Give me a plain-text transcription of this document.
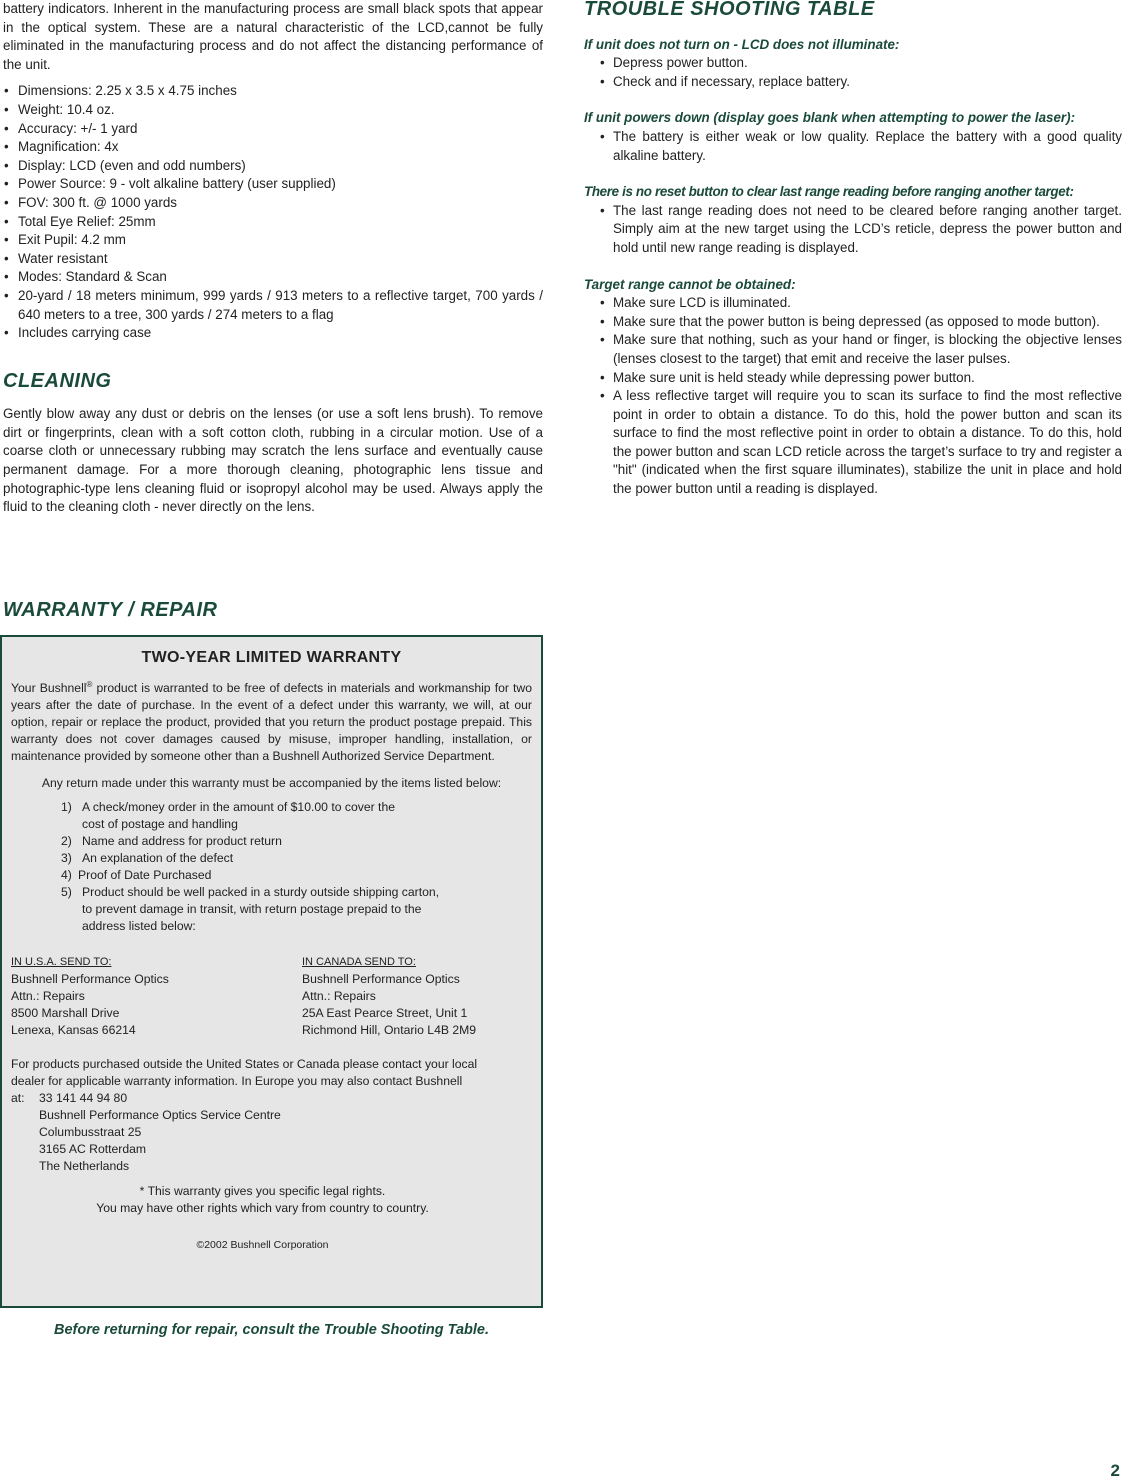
battery indicators. Inherent in the manufacturing process are small black spots that appear in the optical system. These are a natural characteristic of the LCD,cannot be fully eliminated in the manufacturing process and do not affect the distancing performance of the unit.

• Dimensions: 2.25 x 3.5 x 4.75 inches
• Weight: 10.4 oz.
• Accuracy: +/- 1 yard
• Magnification: 4x
• Display: LCD (even and odd numbers)
• Power Source: 9 - volt alkaline battery (user supplied)
• FOV: 300 ft. @ 1000 yards
• Total Eye Relief: 25mm
• Exit Pupil: 4.2 mm
• Water resistant
• Modes: Standard & Scan
• 20-yard / 18 meters minimum, 999 yards / 913 meters to a reflective target, 700 yards / 640 meters to a tree, 300 yards / 274 meters to a flag
• Includes carrying case
CLEANING

Gently blow away any dust or debris on the lenses (or use a soft lens brush). To remove dirt or fingerprints, clean with a soft cotton cloth, rubbing in a circular motion. Use of a coarse cloth or unnecessary rubbing may scratch the lens surface and eventually cause permanent damage. For a more thorough cleaning, photographic lens tissue and photographic-type lens cleaning fluid or isopropyl alcohol may be used. Always apply the fluid to the cleaning cloth - never directly on the lens.

WARRANTY / REPAIR

TWO-YEAR LIMITED WARRANTY

Your Bushnell® product is warranted to be free of defects in materials and workmanship for two years after the date of purchase. In the event of a defect under this warranty, we will, at our option, repair or replace the product, provided that you return the product postage prepaid. This warranty does not cover damages caused by misuse, improper handling, installation, or maintenance provided by someone other than a Bushnell Authorized Service Department.

Any return made under this warranty must be accompanied by the items listed below:

1) A check/money order in the amount of $10.00 to cover the
cost of postage and handling
2) Name and address for product return
3) An explanation of the defect
4) Proof of Date Purchased
5) Product should be well packed in a sturdy outside shipping carton,
to prevent damage in transit, with return postage prepaid to the
address listed below:
IN U.S.A. SEND TO:
Bushnell Performance Optics
Attn.: Repairs
8500 Marshall Drive
Lenexa, Kansas 66214
IN CANADA SEND TO:
Bushnell Performance Optics
Attn.: Repairs
25A East Pearce Street, Unit 1
Richmond Hill, Ontario L4B 2M9

For products purchased outside the United States or Canada please contact your local dealer for applicable warranty information. In Europe you may also contact Bushnell

at:	33 141 44 94 80
Bushnell Performance Optics Service Centre
Columbusstraat 25
3165 AC Rotterdam
The Netherlands

* This warranty gives you specific legal rights.

You may have other rights which vary from country to country.

©2002 Bushnell Corporation

Before returning for repair, consult the Trouble Shooting Table.

TROUBLE SHOOTING TABLE

If unit does not turn on - LCD does not illuminate:

• Depress power button.
• Check and if necessary, replace battery.

If unit powers down (display goes blank when attempting to power the laser):

• The battery is either weak or low quality. Replace the battery with a good quality alkaline battery.

There is no reset button to clear last range reading before ranging another target:

• The last range reading does not need to be cleared before ranging another target. Simply aim at the new target using the LCD’s reticle, depress the power button and hold until new range reading is displayed.

Target range cannot be obtained:

• Make sure LCD is illuminated.
• Make sure that the power button is being depressed (as opposed to mode button).
• Make sure that nothing, such as your hand or finger, is blocking the objective lenses (lenses closest to the target) that emit and receive the laser pulses.
• Make sure unit is held steady while depressing power button.
• A less reflective target will require you to scan its surface to find the most reflective point in order to obtain a distance. To do this, hold the power button and scan its surface to find the most reflective point in order to obtain a distance. To do this, hold the power button and scan LCD reticle across the target’s surface to try and register a "hit" (indicated when the first square illuminates), stabilize the unit in place and hold the power button until a reading is displayed.
2
